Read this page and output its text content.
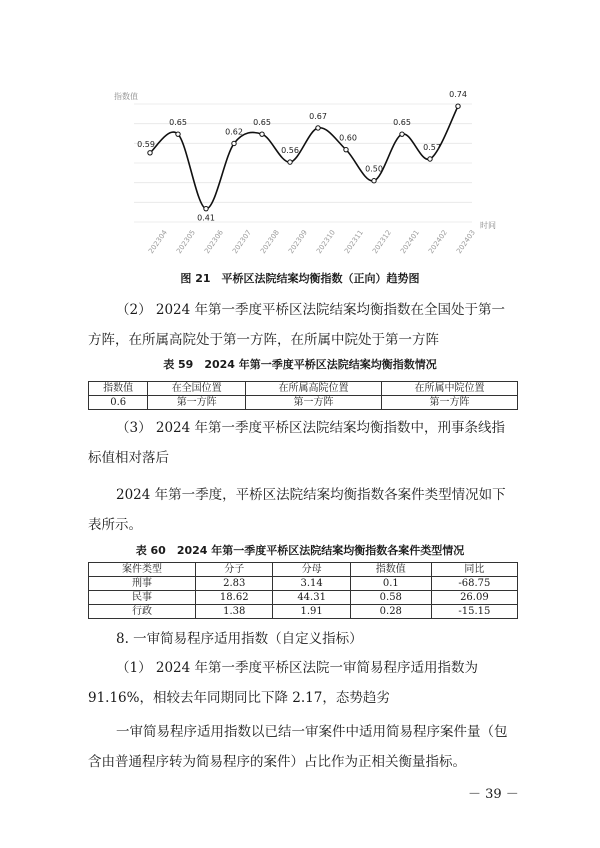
指数值
时间
0.59
0.65
0.41
0.62
0.65
0.56
0.67
0.60
0.50
0.65
0.57
0.74
202304 202305 202306 202307 202308 202309 202310 202311 202312 202401 202402 202403
图 21　平桥区法院结案均衡指数（正向）趋势图
（2） 2024 年第一季度平桥区法院结案均衡指数在全国处于第一方阵，在所属高院处于第一方阵，在所属中院处于第一方阵
表 59　2024 年第一季度平桥区法院结案均衡指数情况
指数值	在全国位置	在所属高院位置	在所属中院位置
0.6	第一方阵	第一方阵	第一方阵
（3） 2024 年第一季度平桥区法院结案均衡指数中，刑事条线指标值相对落后
2024 年第一季度，平桥区法院结案均衡指数各案件类型情况如下表所示。
表 60　2024 年第一季度平桥区法院结案均衡指数各案件类型情况
案件类型	分子	分母	指数值	同比
刑事	2.83	3.14	0.1	-68.75
民事	18.62	44.31	0.58	26.09
行政	1.38	1.91	0.28	-15.15
8. 一审简易程序适用指数（自定义指标）
（1） 2024 年第一季度平桥区法院一审简易程序适用指数为 91.16%，相较去年同期同比下降 2.17，态势趋劣
一审简易程序适用指数以已结一审案件中适用简易程序案件量（包含由普通程序转为简易程序的案件）占比作为正相关衡量指标。
－ 39 －
